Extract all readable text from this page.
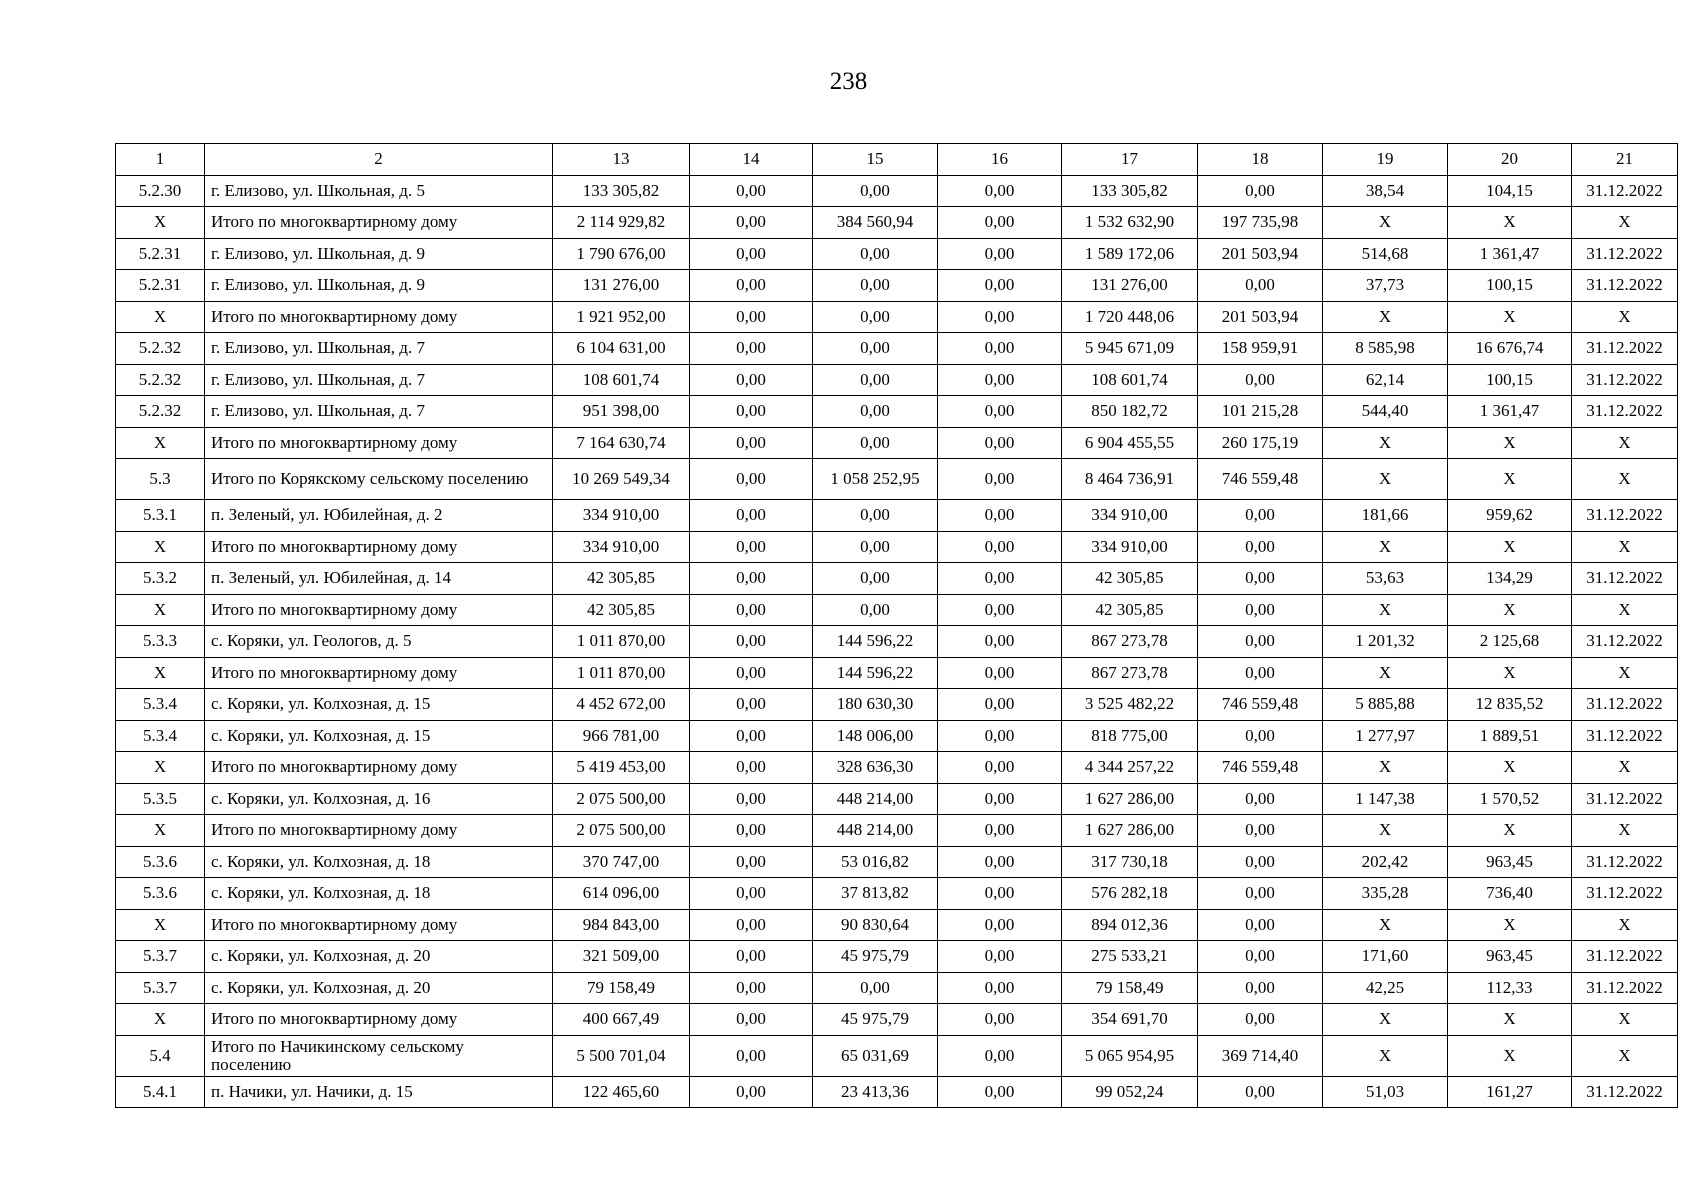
238
1	2	13	14	15	16	17	18	19	20	21
5.2.30	г. Елизово, ул. Школьная, д. 5	133 305,82	0,00	0,00	0,00	133 305,82	0,00	38,54	104,15	31.12.2022
X	Итого по многоквартирному дому	2 114 929,82	0,00	384 560,94	0,00	1 532 632,90	197 735,98	X	X	X
5.2.31	г. Елизово, ул. Школьная, д. 9	1 790 676,00	0,00	0,00	0,00	1 589 172,06	201 503,94	514,68	1 361,47	31.12.2022
5.2.31	г. Елизово, ул. Школьная, д. 9	131 276,00	0,00	0,00	0,00	131 276,00	0,00	37,73	100,15	31.12.2022
X	Итого по многоквартирному дому	1 921 952,00	0,00	0,00	0,00	1 720 448,06	201 503,94	X	X	X
5.2.32	г. Елизово, ул. Школьная, д. 7	6 104 631,00	0,00	0,00	0,00	5 945 671,09	158 959,91	8 585,98	16 676,74	31.12.2022
5.2.32	г. Елизово, ул. Школьная, д. 7	108 601,74	0,00	0,00	0,00	108 601,74	0,00	62,14	100,15	31.12.2022
5.2.32	г. Елизово, ул. Школьная, д. 7	951 398,00	0,00	0,00	0,00	850 182,72	101 215,28	544,40	1 361,47	31.12.2022
X	Итого по многоквартирному дому	7 164 630,74	0,00	0,00	0,00	6 904 455,55	260 175,19	X	X	X
5.3	Итого по Корякскому сельскому поселению	10 269 549,34	0,00	1 058 252,95	0,00	8 464 736,91	746 559,48	X	X	X
5.3.1	п. Зеленый, ул. Юбилейная, д. 2	334 910,00	0,00	0,00	0,00	334 910,00	0,00	181,66	959,62	31.12.2022
X	Итого по многоквартирному дому	334 910,00	0,00	0,00	0,00	334 910,00	0,00	X	X	X
5.3.2	п. Зеленый, ул. Юбилейная, д. 14	42 305,85	0,00	0,00	0,00	42 305,85	0,00	53,63	134,29	31.12.2022
X	Итого по многоквартирному дому	42 305,85	0,00	0,00	0,00	42 305,85	0,00	X	X	X
5.3.3	с. Коряки, ул. Геологов, д. 5	1 011 870,00	0,00	144 596,22	0,00	867 273,78	0,00	1 201,32	2 125,68	31.12.2022
X	Итого по многоквартирному дому	1 011 870,00	0,00	144 596,22	0,00	867 273,78	0,00	X	X	X
5.3.4	с. Коряки, ул. Колхозная, д. 15	4 452 672,00	0,00	180 630,30	0,00	3 525 482,22	746 559,48	5 885,88	12 835,52	31.12.2022
5.3.4	с. Коряки, ул. Колхозная, д. 15	966 781,00	0,00	148 006,00	0,00	818 775,00	0,00	1 277,97	1 889,51	31.12.2022
X	Итого по многоквартирному дому	5 419 453,00	0,00	328 636,30	0,00	4 344 257,22	746 559,48	X	X	X
5.3.5	с. Коряки, ул. Колхозная, д. 16	2 075 500,00	0,00	448 214,00	0,00	1 627 286,00	0,00	1 147,38	1 570,52	31.12.2022
X	Итого по многоквартирному дому	2 075 500,00	0,00	448 214,00	0,00	1 627 286,00	0,00	X	X	X
5.3.6	с. Коряки, ул. Колхозная, д. 18	370 747,00	0,00	53 016,82	0,00	317 730,18	0,00	202,42	963,45	31.12.2022
5.3.6	с. Коряки, ул. Колхозная, д. 18	614 096,00	0,00	37 813,82	0,00	576 282,18	0,00	335,28	736,40	31.12.2022
X	Итого по многоквартирному дому	984 843,00	0,00	90 830,64	0,00	894 012,36	0,00	X	X	X
5.3.7	с. Коряки, ул. Колхозная, д. 20	321 509,00	0,00	45 975,79	0,00	275 533,21	0,00	171,60	963,45	31.12.2022
5.3.7	с. Коряки, ул. Колхозная, д. 20	79 158,49	0,00	0,00	0,00	79 158,49	0,00	42,25	112,33	31.12.2022
X	Итого по многоквартирному дому	400 667,49	0,00	45 975,79	0,00	354 691,70	0,00	X	X	X
5.4	Итого по Начикинскому сельскому поселению	5 500 701,04	0,00	65 031,69	0,00	5 065 954,95	369 714,40	X	X	X
5.4.1	п. Начики, ул. Начики, д. 15	122 465,60	0,00	23 413,36	0,00	99 052,24	0,00	51,03	161,27	31.12.2022
